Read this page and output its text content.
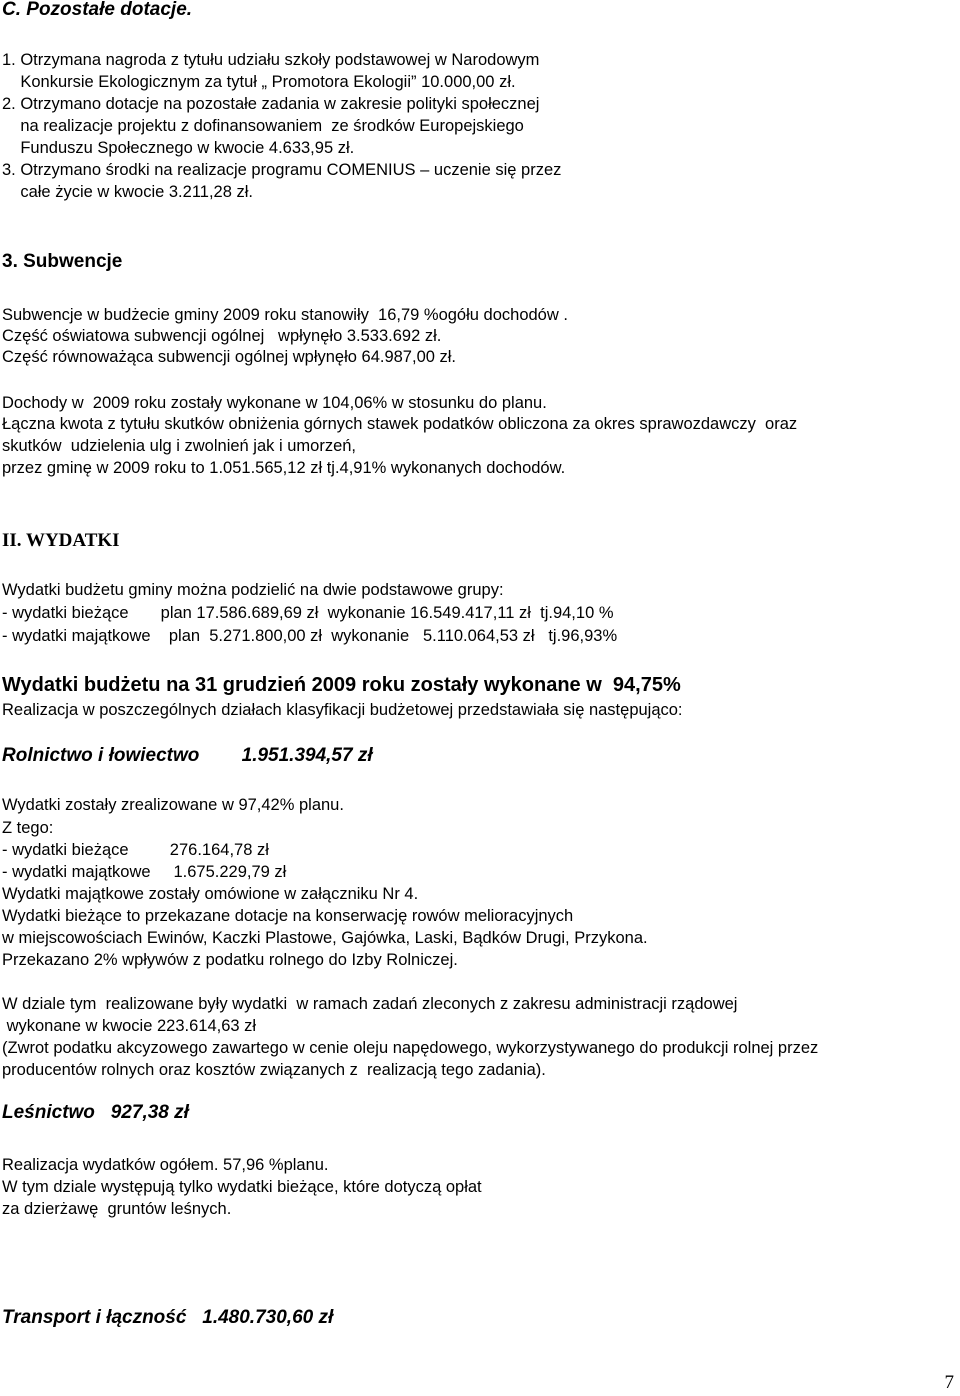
C. Pozostałe dotacje.
1. Otrzymana nagroda z tytułu udziału szkoły podstawowej w Narodowym
Konkursie Ekologicznym za tytuł „ Promotora Ekologii” 10.000,00 zł.
2. Otrzymano dotacje na pozostałe zadania w zakresie polityki społecznej
na realizacje projektu z dofinansowaniem  ze środków Europejskiego
Funduszu Społecznego w kwocie 4.633,95 zł.
3. Otrzymano środki na realizacje programu COMENIUS – uczenie się przez
całe życie w kwocie 3.211,28 zł.
3. Subwencje
Subwencje w budżecie gminy 2009 roku stanowiły  16,79 %ogółu dochodów .
Część oświatowa subwencji ogólnej   wpłynęło 3.533.692 zł.
Część równoważąca subwencji ogólnej wpłynęło 64.987,00 zł.
Dochody w  2009 roku zostały wykonane w 104,06% w stosunku do planu.
Łączna kwota z tytułu skutków obniżenia górnych stawek podatków obliczona za okres sprawozdawczy  oraz
skutków  udzielenia ulg i zwolnień jak i umorzeń,
przez gminę w 2009 roku to 1.051.565,12 zł tj.4,91% wykonanych dochodów.
II. WYDATKI
Wydatki budżetu gminy można podzielić na dwie podstawowe grupy:
- wydatki bieżące       plan 17.586.689,69 zł  wykonanie 16.549.417,11 zł  tj.94,10 %
- wydatki majątkowe    plan  5.271.800,00 zł  wykonanie   5.110.064,53 zł   tj.96,93%
Wydatki budżetu na 31 grudzień 2009 roku zostały wykonane w  94,75%
Realizacja w poszczególnych działach klasyfikacji budżetowej przedstawiała się następująco:
Rolnictwo i łowiectwo        1.951.394,57 zł
Wydatki zostały zrealizowane w 97,42% planu.
Z tego:
- wydatki bieżące         276.164,78 zł
- wydatki majątkowe     1.675.229,79 zł
Wydatki majątkowe zostały omówione w załączniku Nr 4.
Wydatki bieżące to przekazane dotacje na konserwację rowów melioracyjnych
w miejscowościach Ewinów, Kaczki Plastowe, Gajówka, Laski, Bądków Drugi, Przykona.
Przekazano 2% wpływów z podatku rolnego do Izby Rolniczej.
W dziale tym  realizowane były wydatki  w ramach zadań zleconych z zakresu administracji rządowej
wykonane w kwocie 223.614,63 zł
(Zwrot podatku akcyzowego zawartego w cenie oleju napędowego, wykorzystywanego do produkcji rolnej przez
producentów rolnych oraz kosztów związanych z  realizacją tego zadania).
Leśnictwo   927,38 zł
Realizacja wydatków ogółem. 57,96 %planu.
W tym dziale występują tylko wydatki bieżące, które dotyczą opłat
za dzierżawę  gruntów leśnych.
Transport i łączność   1.480.730,60 zł
7
